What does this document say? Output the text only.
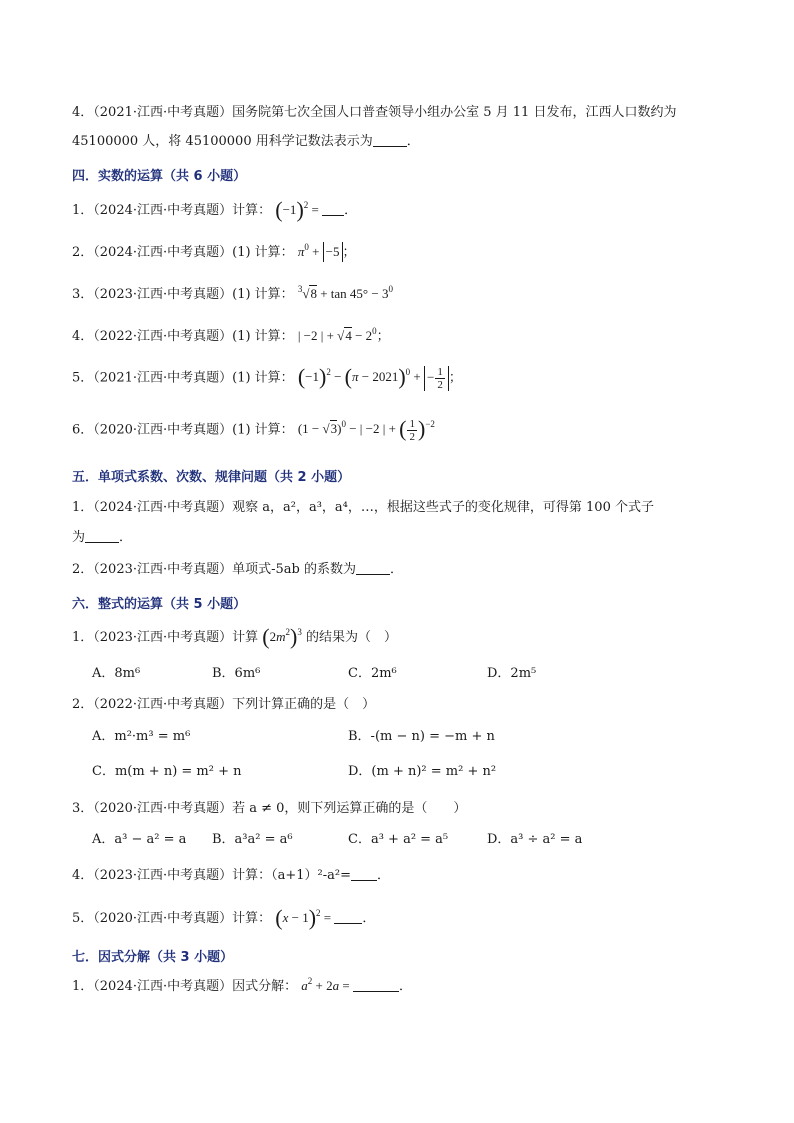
4．（2021·江西·中考真题）国务院第七次全国人口普查领导小组办公室 5 月 11 日发布，江西人口数约为
45100000 人，将 45100000 用科学记数法表示为	．
四．实数的运算（共 6 小题）
1．（2024·江西·中考真题）计算： $(-1)^2$ = ．
2．（2024·江西·中考真题）(1) 计算： $\pi^0 + -5$ ；
3．（2023·江西·中考真题）(1) 计算： $^3√8 + \tan 45^\circ - 3^0$
4．（2022·江西·中考真题）(1) 计算： | −2 | + $√4 - 2^0$；
5．（2021·江西·中考真题）(1) 计算： $(-1)^2 - (\pi - 2021)^0$ + − $\frac{1}{2}$ ；
6．（2020·江西·中考真题）(1) 计算： $(1 - √3)^0$ − | −2 | + ( $\frac{1}{2} )^{-2}$
五．单项式系数、次数、规律问题（共 2 小题）
1．（2024·江西·中考真题）观察 a，a²，a³，a⁴，…，根据这些式子的变化规律，可得第 100 个式子
为	．
2．（2023·江西·中考真题）单项式-5ab 的系数为	．
六．整式的运算（共 5 小题）
1．（2023·江西·中考真题）计算 $(2m^2)^3$ 的结果为（　）
A．8m⁶	B．6m⁶	C．2m⁶	D．2m⁵
2．（2022·江西·中考真题）下列计算正确的是（　）
A．m²·m³ = m⁶	B．-(m − n) = −m + n
C．m(m + n) = m² + n	D．(m + n)² = m² + n²
3．（2020·江西·中考真题）若 a ≠ 0，则下列运算正确的是（　　）
A．a³ − a² = a B．a³a² = a⁶	C．a³ + a² = a⁵	D．a³ ÷ a² = a
4．（2023·江西·中考真题）计算：（a+1）²-a²= ．
5．（2020·江西·中考真题）计算： $(x - 1)^2$ = ．
七．因式分解（共 3 小题）
1．（2024·江西·中考真题）因式分解： $a^2 + 2a$ =	．
